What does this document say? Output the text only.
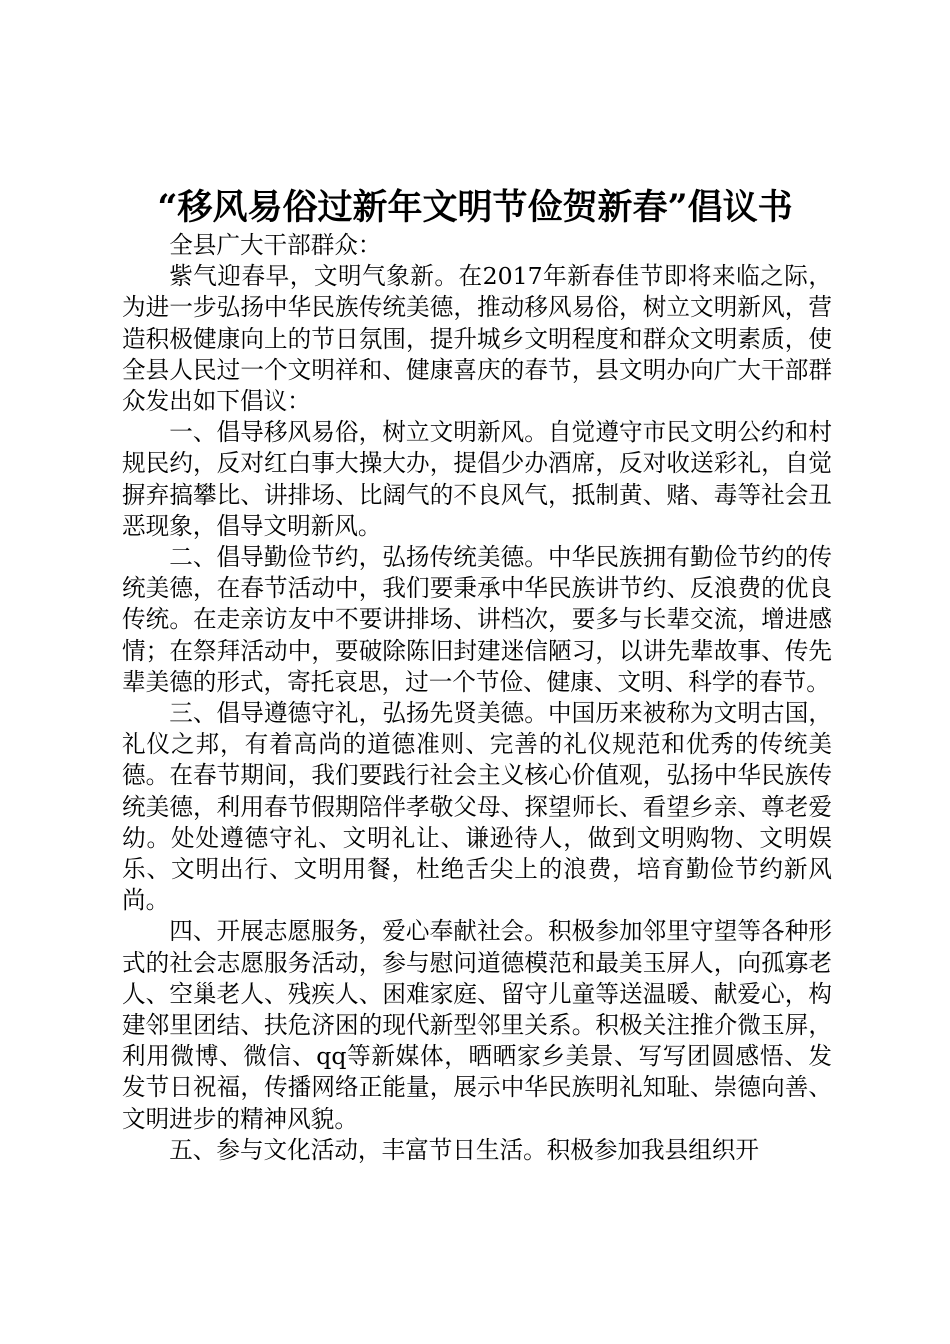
“移风易俗过新年文明节俭贺新春”倡议书

全县广大干部群众：

紫气迎春早，文明气象新。在2017年新春佳节即将来临之际，为进一步弘扬中华民族传统美德，推动移风易俗，树立文明新风，营造积极健康向上的节日氛围，提升城乡文明程度和群众文明素质，使全县人民过一个文明祥和、健康喜庆的春节，县文明办向广大干部群众发出如下倡议：

一、倡导移风易俗，树立文明新风。自觉遵守市民文明公约和村规民约，反对红白事大操大办，提倡少办酒席，反对收送彩礼，自觉摒弃搞攀比、讲排场、比阔气的不良风气，抵制黄、赌、毒等社会丑恶现象，倡导文明新风。

二、倡导勤俭节约，弘扬传统美德。中华民族拥有勤俭节约的传统美德，在春节活动中，我们要秉承中华民族讲节约、反浪费的优良传统。在走亲访友中不要讲排场、讲档次，要多与长辈交流，增进感情；在祭拜活动中，要破除陈旧封建迷信陋习，以讲先辈故事、传先辈美德的形式，寄托哀思，过一个节俭、健康、文明、科学的春节。

三、倡导遵德守礼，弘扬先贤美德。中国历来被称为文明古国，礼仪之邦，有着高尚的道德准则、完善的礼仪规范和优秀的传统美德。在春节期间，我们要践行社会主义核心价值观，弘扬中华民族传统美德，利用春节假期陪伴孝敬父母、探望师长、看望乡亲、尊老爱幼。处处遵德守礼、文明礼让、谦逊待人，做到文明购物、文明娱乐、文明出行、文明用餐，杜绝舌尖上的浪费，培育勤俭节约新风尚。

四、开展志愿服务，爱心奉献社会。积极参加邻里守望等各种形式的社会志愿服务活动，参与慰问道德模范和最美玉屏人，向孤寡老人、空巢老人、残疾人、困难家庭、留守儿童等送温暖、献爱心，构建邻里团结、扶危济困的现代新型邻里关系。积极关注推介微玉屏，利用微博、微信、qq等新媒体，晒晒家乡美景、写写团圆感悟、发发节日祝福，传播网络正能量，展示中华民族明礼知耻、崇德向善、文明进步的精神风貌。

五、参与文化活动，丰富节日生活。积极参加我县组织开
